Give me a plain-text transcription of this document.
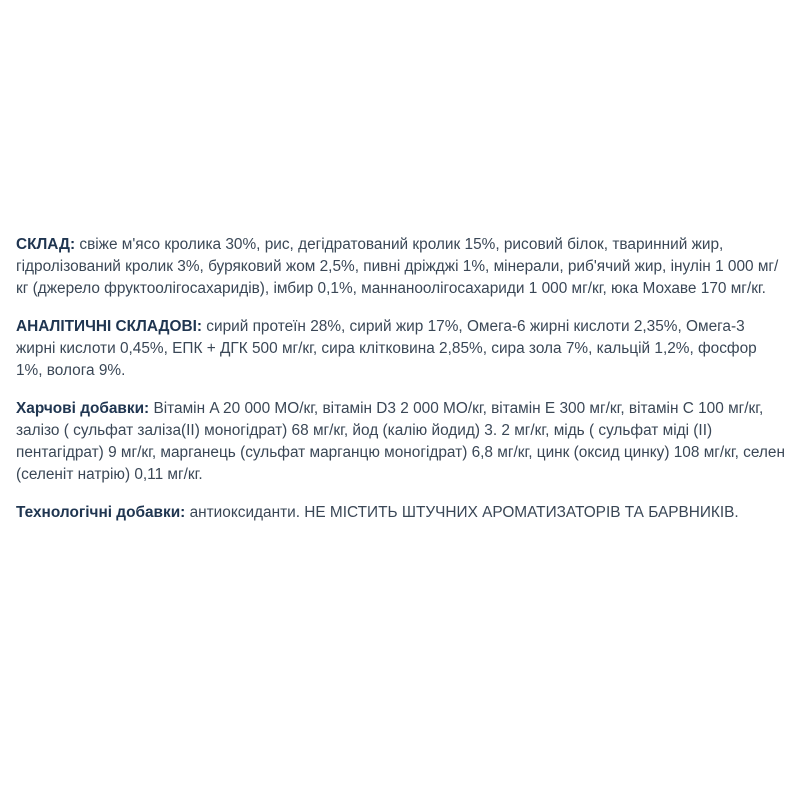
СКЛАД: свіже м'ясо кролика 30%, рис, дегідратований кролик 15%, рисовий білок, тваринний жир, гідролізований кролик 3%, буряковий жом 2,5%, пивні дріжджі 1%, мінерали, риб'ячий жир, інулін 1 000 мг/кг (джерело фруктоолігосахаридів), імбир 0,1%, маннаноолігосахариди 1 000 мг/кг, юка Мохаве 170 мг/кг.

АНАЛІТИЧНІ СКЛАДОВІ: сирий протеїн 28%, сирий жир 17%, Омега-6 жирні кислоти 2,35%, Омега-3 жирні кислоти 0,45%, ЕПК + ДГК 500 мг/кг, сира клітковина 2,85%, сира зола 7%, кальцій 1,2%, фосфор 1%, волога 9%.

Харчові добавки: Вітамін A 20 000 МО/кг, вітамін D3 2 000 МО/кг, вітамін E 300 мг/кг, вітамін C 100 мг/кг, залізо ( сульфат заліза(II) моногідрат) 68 мг/кг, йод (калію йодид) 3. 2 мг/кг, мідь ( сульфат міді (II) пентагідрат) 9 мг/кг, марганець (сульфат марганцю моногідрат) 6,8 мг/кг, цинк (оксид цинку) 108 мг/кг, селен (селеніт натрію) 0,11 мг/кг.

Технологічні добавки: антиоксиданти. НЕ МІСТИТЬ ШТУЧНИХ АРОМАТИЗАТОРІВ ТА БАРВНИКІВ.
